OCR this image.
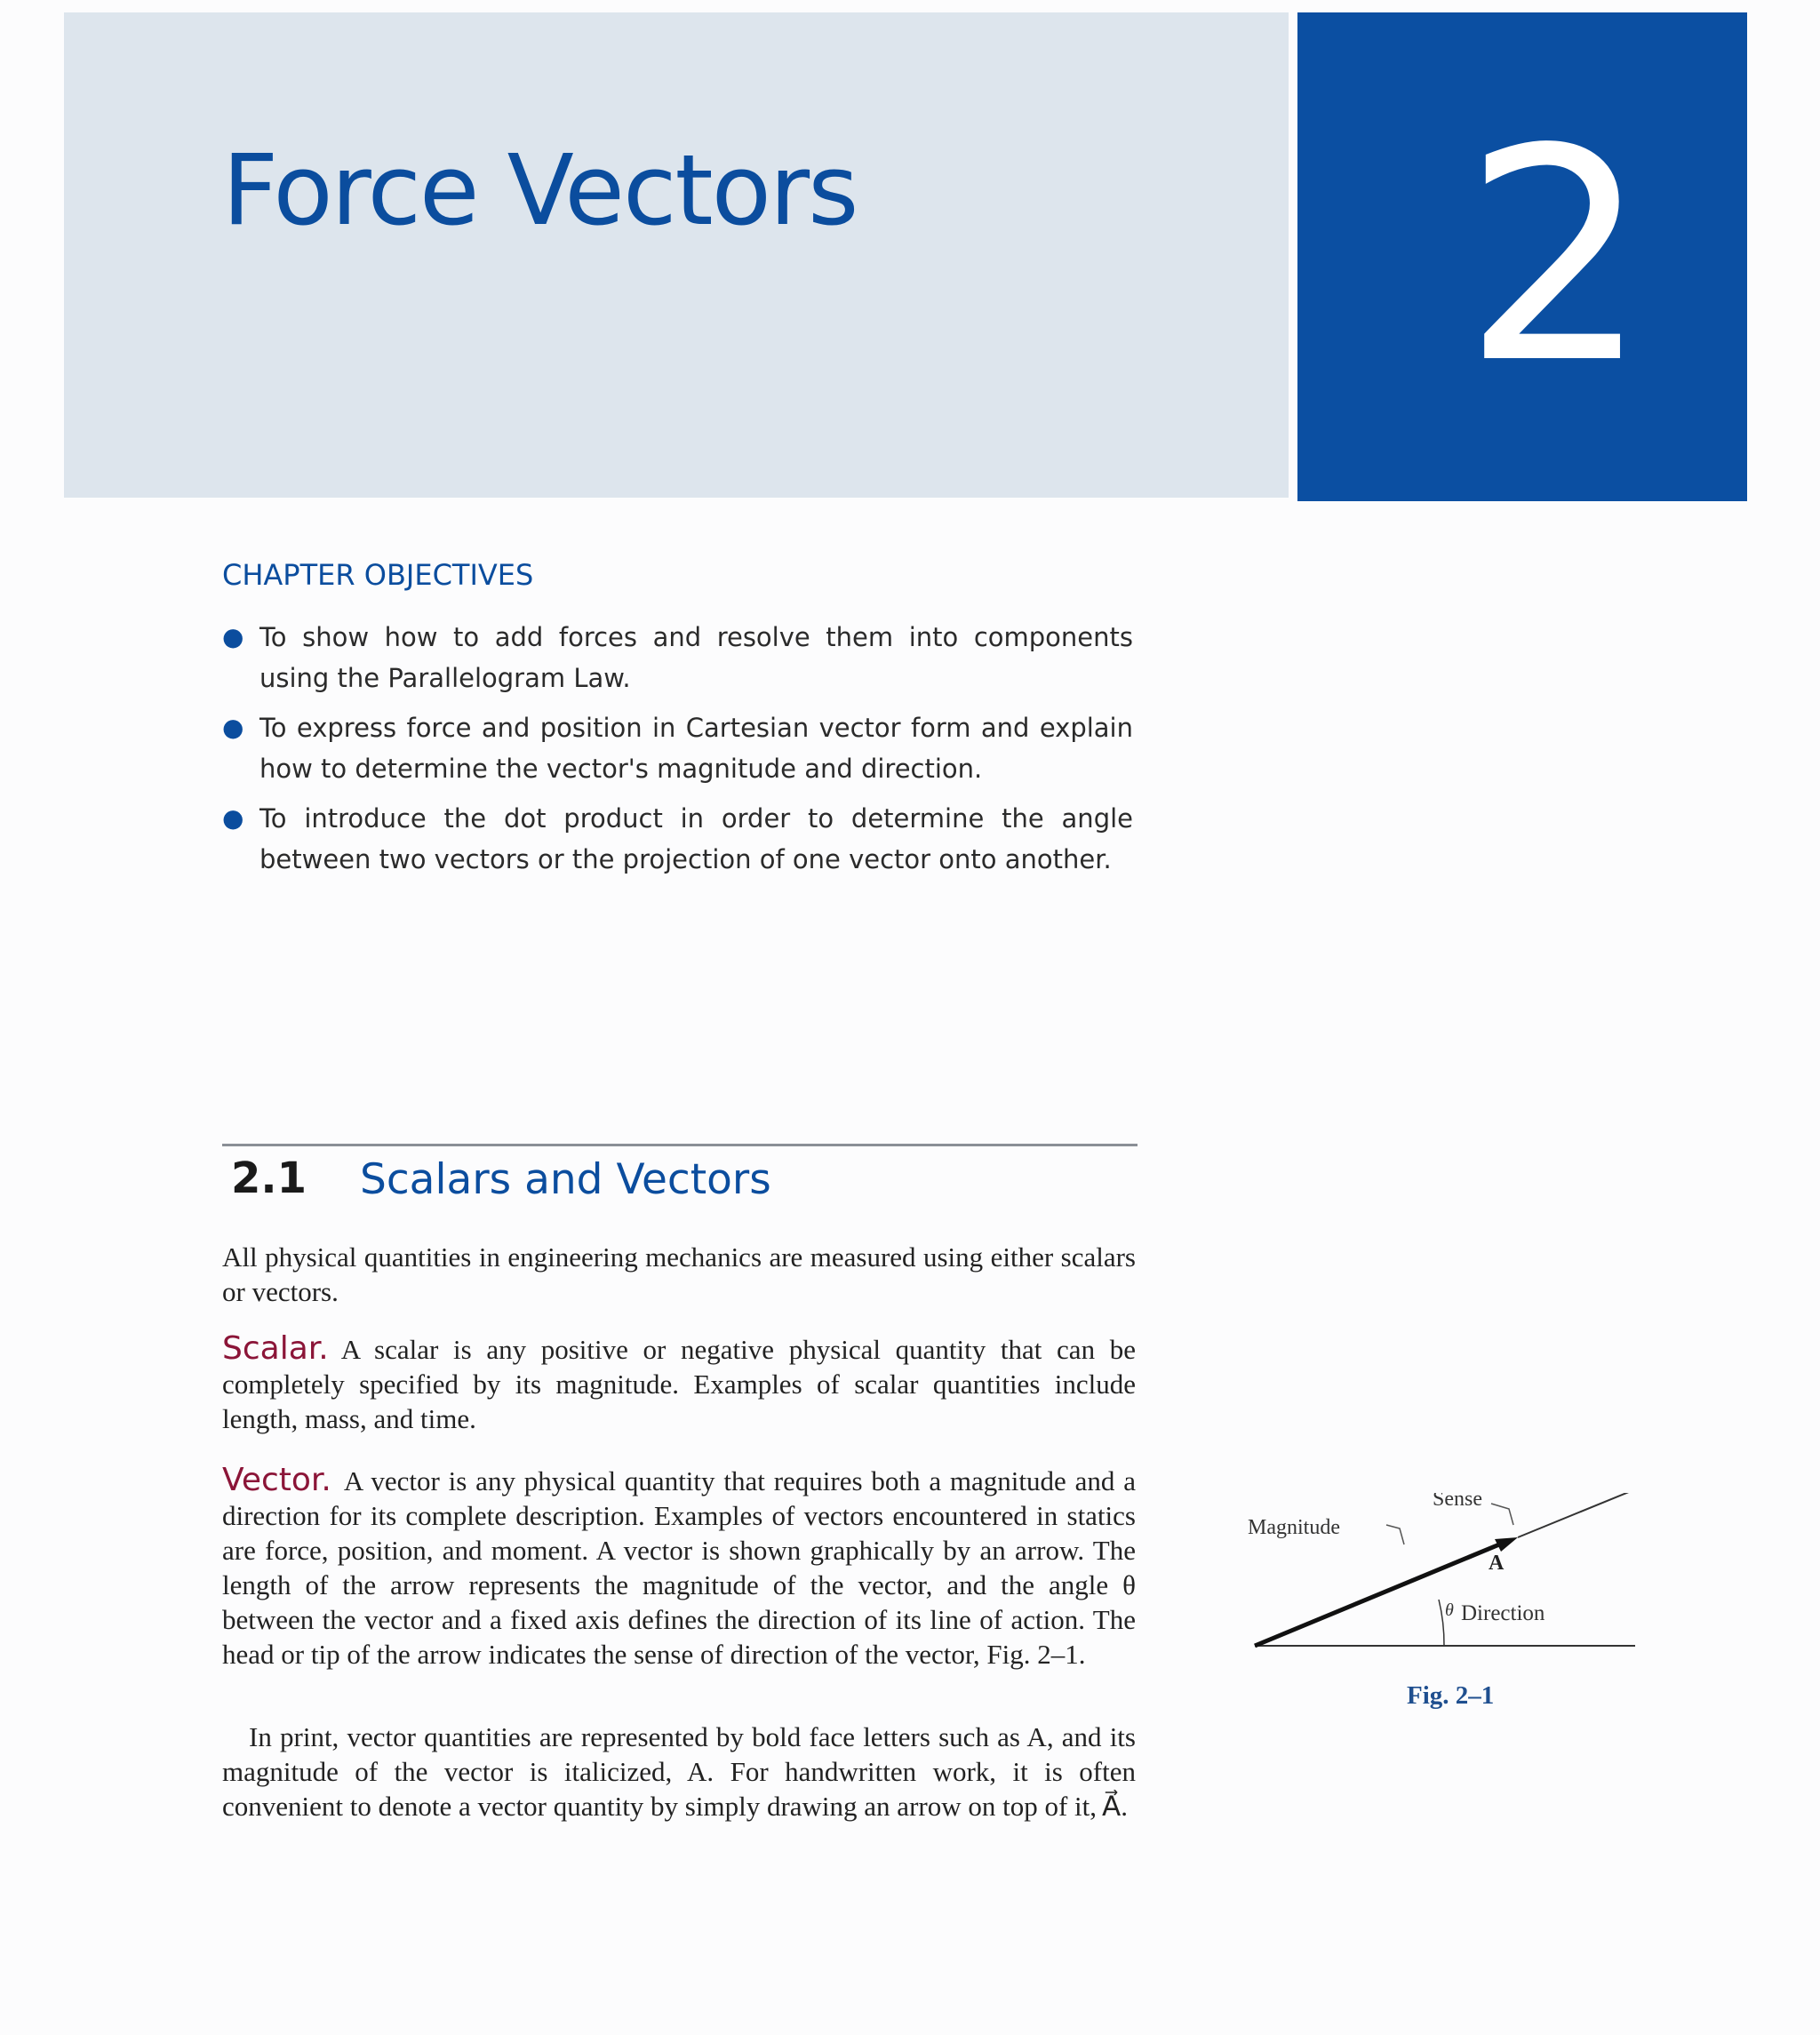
Force Vectors 2
CHAPTER OBJECTIVES
● To show how to add forces and resolve them into components using the Parallelogram Law.
● To express force and position in Cartesian vector form and explain how to determine the vector's magnitude and direction.
● To introduce the dot product in order to determine the angle between two vectors or the projection of one vector onto another.
2.1 Scalars and Vectors

All physical quantities in engineering mechanics are measured using either scalars or vectors.

Scalar. A scalar is any positive or negative physical quantity that can be completely specified by its magnitude. Examples of scalar quantities include length, mass, and time.

Vector. A vector is any physical quantity that requires both a magnitude and a direction for its complete description. Examples of vectors encountered in statics are force, position, and moment. A vector is shown graphically by an arrow. The length of the arrow represents the magnitude of the vector, and the angle θ between the vector and a fixed axis defines the direction of its line of action. The head or tip of the arrow indicates the sense of direction of the vector, Fig. 2–1.

In print, vector quantities are represented by bold face letters such as A, and its magnitude of the vector is italicized, A. For handwritten work, it is often convenient to denote a vector quantity by simply drawing an arrow on top of it, A⃗.

Sense
Magnitude
A
θ Direction
Fig. 2–1
